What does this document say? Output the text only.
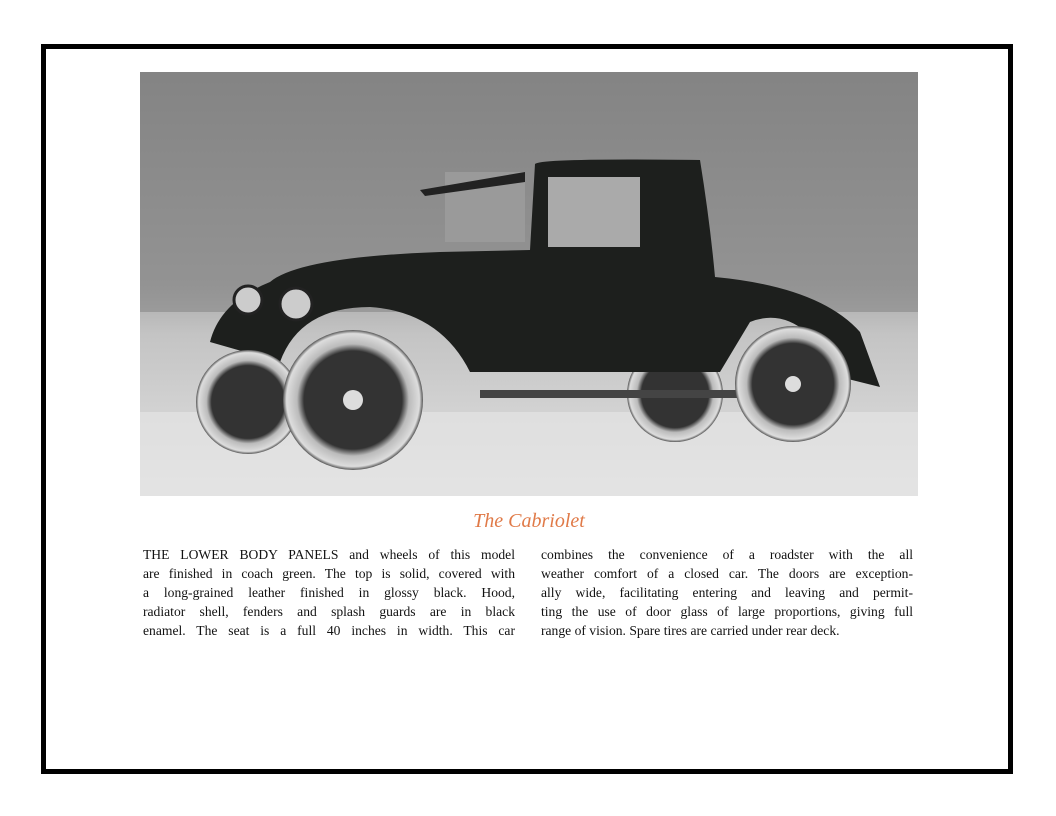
The Cabriolet
THE LOWER BODY PANELS and wheels of this model
are finished in coach green. The top is solid, covered with
a long-grained leather finished in glossy black. Hood,
radiator shell, fenders and splash guards are in black
enamel. The seat is a full 40 inches in width. This car
combines the convenience of a roadster with the all
weather comfort of a closed car. The doors are exception-
ally wide, facilitating entering and leaving and permit-
ting the use of door glass of large proportions, giving full
range of vision. Spare tires are carried under rear deck.
